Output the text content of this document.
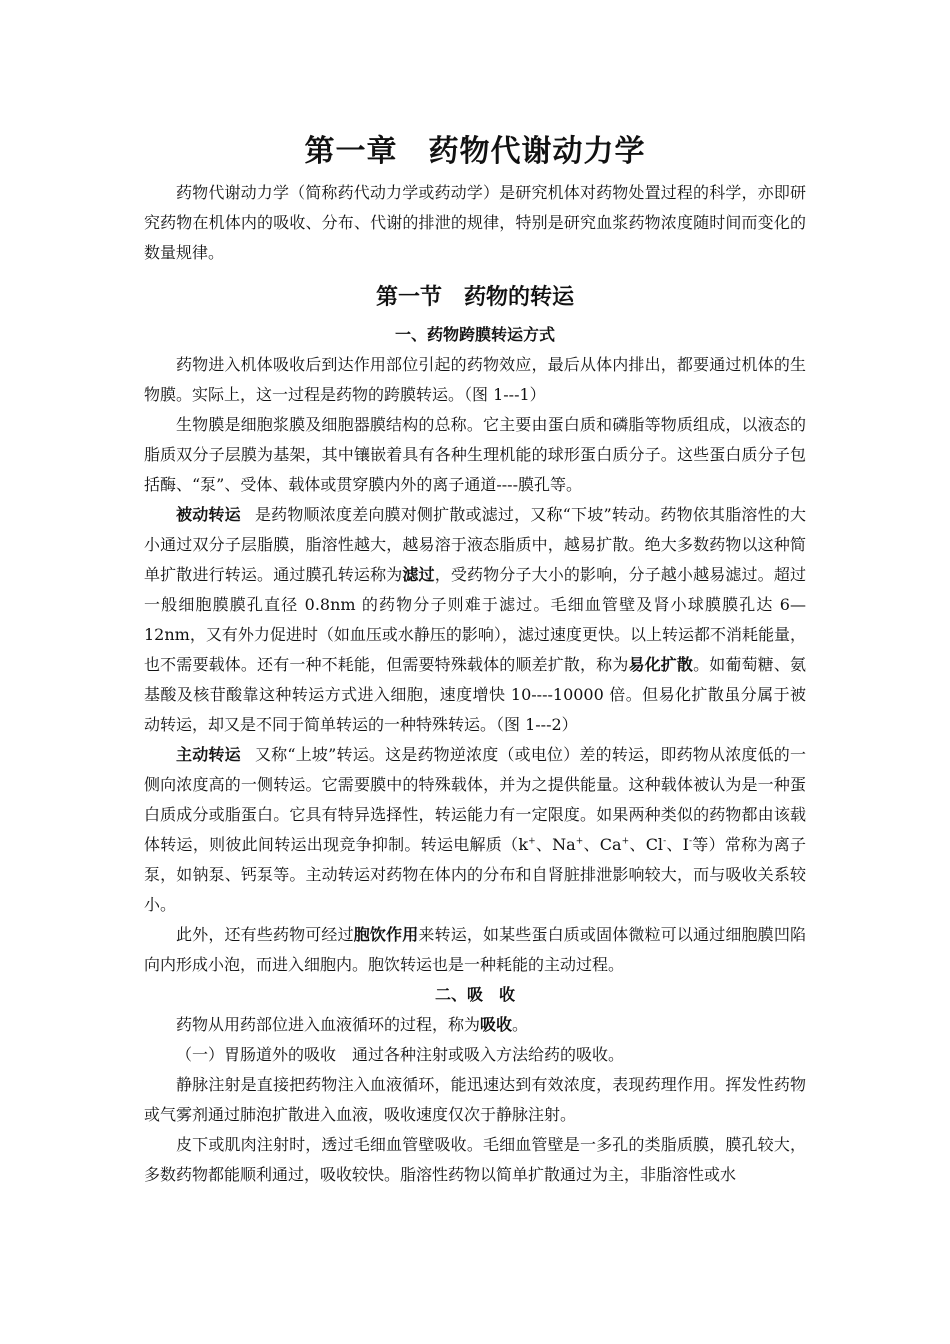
第一章　药物代谢动力学

药物代谢动力学（简称药代动力学或药动学）是研究机体对药物处置过程的科学，亦即研究药物在机体内的吸收、分布、代谢的排泄的规律，特别是研究血浆药物浓度随时间而变化的数量规律。

第一节　药物的转运
一、药物跨膜转运方式

药物进入机体吸收后到达作用部位引起的药物效应，最后从体内排出，都要通过机体的生物膜。实际上，这一过程是药物的跨膜转运。（图 1---1）

生物膜是细胞浆膜及细胞器膜结构的总称。它主要由蛋白质和磷脂等物质组成，以液态的脂质双分子层膜为基架，其中镶嵌着具有各种生理机能的球形蛋白质分子。这些蛋白质分子包括酶、“泵”、受体、载体或贯穿膜内外的离子通道----膜孔等。

被动转运 是药物顺浓度差向膜对侧扩散或滤过，又称“下坡”转动。药物依其脂溶性的大小通过双分子层脂膜，脂溶性越大，越易溶于液态脂质中，越易扩散。绝大多数药物以这种简单扩散进行转运。通过膜孔转运称为滤过，受药物分子大小的影响，分子越小越易滤过。超过一般细胞膜膜孔直径 0.8nm 的药物分子则难于滤过。毛细血管壁及肾小球膜膜孔达 6—12nm，又有外力促进时（如血压或水静压的影响），滤过速度更快。以上转运都不消耗能量，也不需要载体。还有一种不耗能，但需要特殊载体的顺差扩散，称为易化扩散。如葡萄糖、氨基酸及核苷酸靠这种转运方式进入细胞，速度增快 10----10000 倍。但易化扩散虽分属于被动转运，却又是不同于简单转运的一种特殊转运。（图 1---2）

主动转运 又称“上坡”转运。这是药物逆浓度（或电位）差的转运，即药物从浓度低的一侧向浓度高的一侧转运。它需要膜中的特殊载体，并为之提供能量。这种载体被认为是一种蛋白质成分或脂蛋白。它具有特异选择性，转运能力有一定限度。如果两种类似的药物都由该载体转运，则彼此间转运出现竞争抑制。转运电解质（k+、Na+、Ca+、Cl-、I-等）常称为离子泵，如钠泵、钙泵等。主动转运对药物在体内的分布和自肾脏排泄影响较大，而与吸收关系较小。

此外，还有些药物可经过胞饮作用来转运，如某些蛋白质或固体微粒可以通过细胞膜凹陷向内形成小泡，而进入细胞内。胞饮转运也是一种耗能的主动过程。

二、吸　收

药物从用药部位进入血液循环的过程，称为吸收。

（一）胃肠道外的吸收　通过各种注射或吸入方法给药的吸收。

静脉注射是直接把药物注入血液循环，能迅速达到有效浓度，表现药理作用。挥发性药物或气雾剂通过肺泡扩散进入血液，吸收速度仅次于静脉注射。

皮下或肌肉注射时，透过毛细血管壁吸收。毛细血管壁是一多孔的类脂质膜，膜孔较大，多数药物都能顺利通过，吸收较快。脂溶性药物以简单扩散通过为主，非脂溶性或水
